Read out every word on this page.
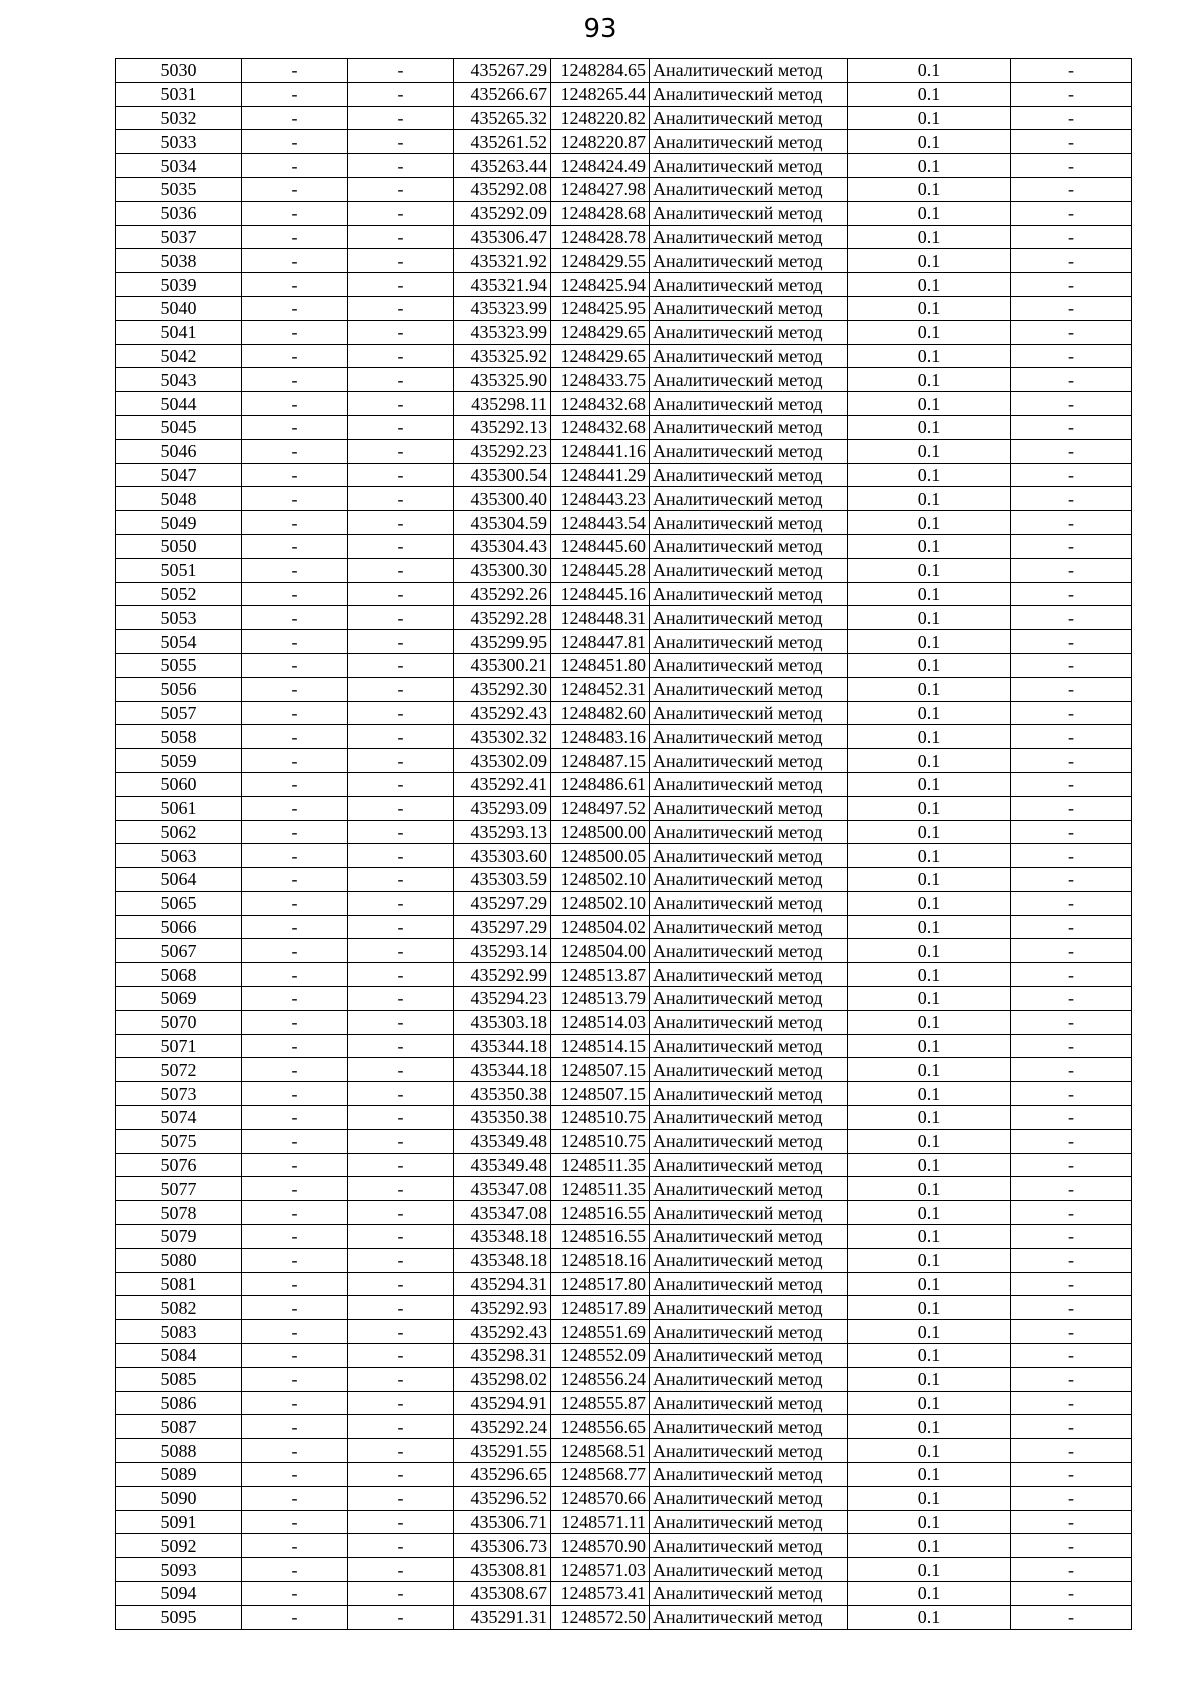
93
5030	-	-	435267.29	1248284.65	Аналитический метод	0.1	-
5031	-	-	435266.67	1248265.44	Аналитический метод	0.1	-
5032	-	-	435265.32	1248220.82	Аналитический метод	0.1	-
5033	-	-	435261.52	1248220.87	Аналитический метод	0.1	-
5034	-	-	435263.44	1248424.49	Аналитический метод	0.1	-
5035	-	-	435292.08	1248427.98	Аналитический метод	0.1	-
5036	-	-	435292.09	1248428.68	Аналитический метод	0.1	-
5037	-	-	435306.47	1248428.78	Аналитический метод	0.1	-
5038	-	-	435321.92	1248429.55	Аналитический метод	0.1	-
5039	-	-	435321.94	1248425.94	Аналитический метод	0.1	-
5040	-	-	435323.99	1248425.95	Аналитический метод	0.1	-
5041	-	-	435323.99	1248429.65	Аналитический метод	0.1	-
5042	-	-	435325.92	1248429.65	Аналитический метод	0.1	-
5043	-	-	435325.90	1248433.75	Аналитический метод	0.1	-
5044	-	-	435298.11	1248432.68	Аналитический метод	0.1	-
5045	-	-	435292.13	1248432.68	Аналитический метод	0.1	-
5046	-	-	435292.23	1248441.16	Аналитический метод	0.1	-
5047	-	-	435300.54	1248441.29	Аналитический метод	0.1	-
5048	-	-	435300.40	1248443.23	Аналитический метод	0.1	-
5049	-	-	435304.59	1248443.54	Аналитический метод	0.1	-
5050	-	-	435304.43	1248445.60	Аналитический метод	0.1	-
5051	-	-	435300.30	1248445.28	Аналитический метод	0.1	-
5052	-	-	435292.26	1248445.16	Аналитический метод	0.1	-
5053	-	-	435292.28	1248448.31	Аналитический метод	0.1	-
5054	-	-	435299.95	1248447.81	Аналитический метод	0.1	-
5055	-	-	435300.21	1248451.80	Аналитический метод	0.1	-
5056	-	-	435292.30	1248452.31	Аналитический метод	0.1	-
5057	-	-	435292.43	1248482.60	Аналитический метод	0.1	-
5058	-	-	435302.32	1248483.16	Аналитический метод	0.1	-
5059	-	-	435302.09	1248487.15	Аналитический метод	0.1	-
5060	-	-	435292.41	1248486.61	Аналитический метод	0.1	-
5061	-	-	435293.09	1248497.52	Аналитический метод	0.1	-
5062	-	-	435293.13	1248500.00	Аналитический метод	0.1	-
5063	-	-	435303.60	1248500.05	Аналитический метод	0.1	-
5064	-	-	435303.59	1248502.10	Аналитический метод	0.1	-
5065	-	-	435297.29	1248502.10	Аналитический метод	0.1	-
5066	-	-	435297.29	1248504.02	Аналитический метод	0.1	-
5067	-	-	435293.14	1248504.00	Аналитический метод	0.1	-
5068	-	-	435292.99	1248513.87	Аналитический метод	0.1	-
5069	-	-	435294.23	1248513.79	Аналитический метод	0.1	-
5070	-	-	435303.18	1248514.03	Аналитический метод	0.1	-
5071	-	-	435344.18	1248514.15	Аналитический метод	0.1	-
5072	-	-	435344.18	1248507.15	Аналитический метод	0.1	-
5073	-	-	435350.38	1248507.15	Аналитический метод	0.1	-
5074	-	-	435350.38	1248510.75	Аналитический метод	0.1	-
5075	-	-	435349.48	1248510.75	Аналитический метод	0.1	-
5076	-	-	435349.48	1248511.35	Аналитический метод	0.1	-
5077	-	-	435347.08	1248511.35	Аналитический метод	0.1	-
5078	-	-	435347.08	1248516.55	Аналитический метод	0.1	-
5079	-	-	435348.18	1248516.55	Аналитический метод	0.1	-
5080	-	-	435348.18	1248518.16	Аналитический метод	0.1	-
5081	-	-	435294.31	1248517.80	Аналитический метод	0.1	-
5082	-	-	435292.93	1248517.89	Аналитический метод	0.1	-
5083	-	-	435292.43	1248551.69	Аналитический метод	0.1	-
5084	-	-	435298.31	1248552.09	Аналитический метод	0.1	-
5085	-	-	435298.02	1248556.24	Аналитический метод	0.1	-
5086	-	-	435294.91	1248555.87	Аналитический метод	0.1	-
5087	-	-	435292.24	1248556.65	Аналитический метод	0.1	-
5088	-	-	435291.55	1248568.51	Аналитический метод	0.1	-
5089	-	-	435296.65	1248568.77	Аналитический метод	0.1	-
5090	-	-	435296.52	1248570.66	Аналитический метод	0.1	-
5091	-	-	435306.71	1248571.11	Аналитический метод	0.1	-
5092	-	-	435306.73	1248570.90	Аналитический метод	0.1	-
5093	-	-	435308.81	1248571.03	Аналитический метод	0.1	-
5094	-	-	435308.67	1248573.41	Аналитический метод	0.1	-
5095	-	-	435291.31	1248572.50	Аналитический метод	0.1	-
